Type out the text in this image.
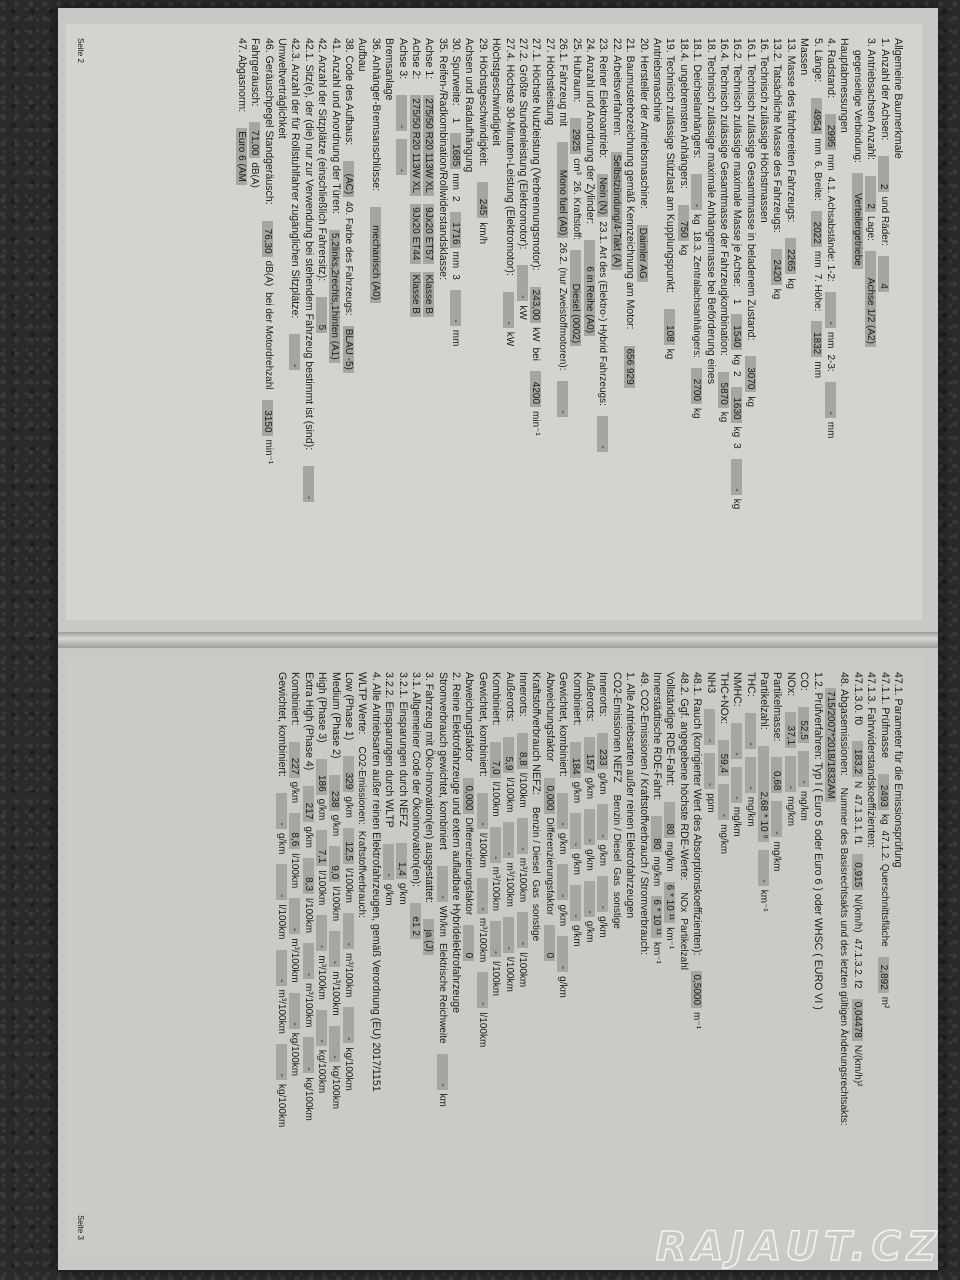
Allgemeine Baumerkmale
1. Anzahl der Achsen:
2
und Räder:
4
3. Antriebsachsen Anzahl:
2
Lage:
Achse 1/2 (A2)
gegenseitige Verbindung:
Verteilergetriebe
Hauptabmessungen
4. Radstand:
2995
mm
4.1. Achsabstände: 1-2:
-
mm
2-3:
-
mm
5. Länge:
4954
mm
6. Breite:
2022
mm
7. Höhe:
1832
mm
Massen
13. Masse des fahrbereiten Fahrzeugs:
2265
kg
13.2. Tatsächliche Masse des Fahrzeugs:
2420
kg
16. Technisch zulässige Höchstmassen
16.1. Technisch zulässige Gesamtmasse in beladenem Zustand:
3070
kg
16.2. Technisch zulässige maximale Masse je Achse:
1
1540
kg
2
1630
kg
3
-
kg
16.4. Technisch zulässige Gesamtmasse der Fahrzeugkombination:
5870
kg
18. Technisch zulässige maximale Anhängermasse bei Beförderung eines
18.1. Deichselanhängers:
-
kg
18.3. Zentralachsanhängers:
2700
kg
18.4. ungebremsten Anhängers:
750
kg
19. Technisch zulässige Stützlast am Kupplungspunkt:
108
kg
Antriebsmaschine
20. Hersteller der Antriebsmaschine:
Daimler AG
21. Baumusterbezeichnung gemäß Kennzeichnung am Motor:
656 929
22. Arbeitsverfahren:
Selbstzündung/4-Takt (A)
23. Reiner Elektroantrieb:
Nein (N)
23.1. Art des (Elektro-) Hybrid Fahrzeugs:
-
24. Anzahl und Anordnung der Zylinder:
6 in Reihe (A0)
25. Hubraum:
2925
cm³
26. Kraftstoff:
Diesel (0002)
26.1. Fahrzeug mit
Mono fuel (A0)
26.2. (nur Zweistoffmotoren):
-
27. Höchstleistung
27.1. Höchste Nutzleistung (Verbrennungsmotor):
243,00
kW
bei
4200
min⁻¹
27.2. Größte Stundenleistung (Elektromotor):
-
kW
27.4. Höchste 30-Minuten-Leistung (Elektromotor):
-
kW
Höchstgeschwindigkeit
29. Höchstgeschwindigkeit:
245
km/h
Achsen und Radaufhängung
30. Spurweite:
1
1685
mm
2
1716
mm
3
-
mm
35. Reifen-/Radkombination/Rollwiderstandsklasse:
Achse 1:
275/50 R20 113W XL
9Jx20 ET57
Klasse B
Achse 2:
275/50 R20 113W XL
9Jx20 ET44
Klasse B
Achse 3:
-
-
Bremsanlage
36. Anhänger-Bremsanschlüsse:
mechanisch (A0)
Aufbau
38. Code des Aufbaus:
(AC)
40. Farbe des Fahrzeugs:
BLAU -5)
41. Anzahl und Anordnung der Türen:
5,2links,2rechts,1hinten (A1)
42. Anzahl der Sitzplätze (einschließlich Fahrersitz):
5
42.1. Sitz(e), der (die) nur zur Verwendung bei stehendem Fahrzeug bestimmt ist (sind):
-
42.3. Anzahl der für Rollstuhlfahrer zugänglichen Sitzplätze:
-
Umweltverträglichkeit
46. Geräuschpegel Standgeräusch:
76,30
dB(A)
bei der Motordrehzahl
3150
min⁻¹
Fahrgeräusch:
71,00
dB(A)
47. Abgasnorm:
Euro 6 (AM
Seite 2
47.1. Parameter für die Emissionsprüfung
47.1.1. Prüfmasse
2493
kg
47.1.2. Querschnittsfläche
2,892
m²
47.1.3. Fahrwiderstandskoeffizienten:
47.1.3.0. f0
183,2
N
47.1.3.1. f1
0,915
N/(km/h)
47.1.3.2. f2
0,04478
N/(km/h)²
48. Abgasemissionen:
Nummer des Basisrechtsakts und des letzten gültigen Änderungsrechtsakts:
715/2007*2018/1832AM
1.2. Prüfverfahren: Typ I ( Euro 5 oder Euro 6 ) oder WHSC ( EURO VI )
CO:
52,5
-
mg/km
NOx:
37,1
-
mg/km
Partikelmasse:
0,68
-
mg/km
Partikelzahl:
2,68 * 10 ⁹
-
km⁻¹
THC:
-
-
mg/km
NMHC:
-
-
mg/km
THC+NOx:
59,4
-
mg/km
NH3
-
-
ppm
48.1. Rauch (korrigierter Wert des Absorptionskoeffizienten):
0,5000
m⁻¹
48.2. Ggf. angegebene höchste RDE-Werte:
NOx
Partikelzahl
Vollständige RDE-Fahrt:
80
mg/km
6 * 10 ¹¹
km⁻¹
Innerstädtische RDE-Fahrt:
80
mg/km
6 * 10 ¹¹
km⁻¹
49. CO2-Emissionen / Kraftstoffverbrauch / Stromverbrauch:
1. Alle Antriebsarten außer reinen Elektrofahrzeugen
CO2-Emissionen NEFZ
Benzin / Diesel
Gas
sonstige
Innerorts:
233
g/km
-
g/km
-
g/km
Außerorts:
157
g/km
-
g/km
-
g/km
Kombiniert:
184
g/km
-
g/km
-
g/km
Gewichtet, kombiniert:
-
g/km
-
g/km
-
g/km
Abweichungsfaktor
0,000
Differenzierungsfaktor
0
Kraftstoffverbrauch NEFZ:
Benzin / Diesel
Gas
sonstige
Innerorts:
8,8
l/100km
-
m³/100km
-
l/100km
Außerorts:
5,9
l/100km
-
m³/100km
-
l/100km
Kombiniert:
7,0
l/100km
-
m³/100km
-
l/100km
Gewichtet, kombiniert:
-
l/100km
-
m³/100km
-
l/100km
Abweichungsfaktor
0,000
Differenzierungsfaktor
0
2. Reine Elektrofahrzeuge und extern aufladbare Hybridelektrofahrzeuge
Stromverbrauch gewichtet, kombiniert
-
Wh/km
Elektrische Reichweite
-
km
3. Fahrzeug mit Öko-Innovation(en) ausgestattet:
ja (J)
3.1. Allgemeiner Code der Ökoinnovation(en):
e1 2
3.2.1. Einsparungen durch NEFZ
1,4
g/km
3.2.2. Einsparungen durch WLTP
-
g/km
4. Alle Antriebsarten außer reinen Elektrofahrzeugen, gemäß Verordnung (EU) 2017/1151
WLTP Werte:
CO2-Emissionen:
Kraftstoffverbrauch:
Low (Phase 1)
329
g/km
12,5
l/100km
-
m³/100km
-
kg/100km
Medium (Phase 2)
238
g/km
9,0
l/100km
-
m³/100km
-
kg/100km
High (Phase 3)
186
g/km
7,1
l/100km
-
m³/100km
-
kg/100km
Extra High (Phase 4)
217
g/km
8,3
l/100km
-
m³/100km
-
kg/100km
Kombiniert:
227
g/km
8,6
l/100km
-
m³/100km
-
kg/100km
Gewichtet, kombiniert:
-
g/km
-
l/100km
-
m³/100km
-
kg/100km
Seite 3	RAJAUT.CZ
